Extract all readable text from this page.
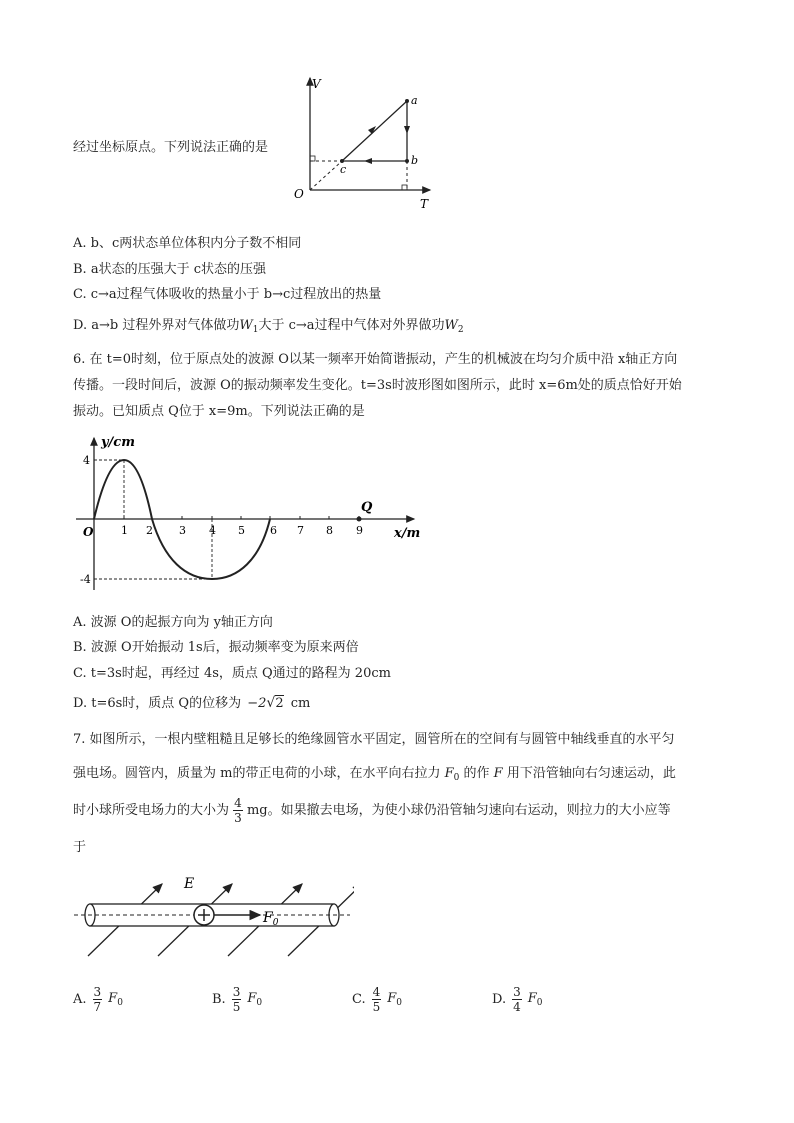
经过坐标原点。下列说法正确的是
V
T
O
a
b
c
A. b、c两状态单位体积内分子数不相同
B. a状态的压强大于 c状态的压强
C. c→a过程气体吸收的热量小于 b→c过程放出的热量
D. a→b 过程外界对气体做功$W_1$大于 c→a过程中气体对外界做功$W_2$
6. 在 t=0时刻，位于原点处的波源 O以某一频率开始简谐振动，产生的机械波在均匀介质中沿 x轴正方向
传播。一段时间后，波源 O的振动频率发生变化。t=3s时波形图如图所示，此时 x=6m处的质点恰好开始
振动。已知质点 Q位于 x=9m。下列说法正确的是
y/cm
x/m
O
4
-4
1 2 3 4 5 6 7 8 9
Q
A. 波源 O的起振方向为 y轴正方向
B. 波源 O开始振动 1s后，振动频率变为原来两倍
C. t=3s时起，再经过 4s，质点 Q通过的路程为 20cm
D. t=6s时，质点 Q的位移为 −2√2 cm
7. 如图所示，一根内壁粗糙且足够长的绝缘圆管水平固定，圆管所在的空间有与圆管中轴线垂直的水平匀
强电场。圆管内，质量为 m的带正电荷的小球，在水平向右拉力 $F_0$ 的作 F 用下沿管轴向右匀速运动，此
时小球所受电场力的大小为 $\frac{4}{3}$ mg。如果撤去电场，为使小球仍沿管轴匀速向右运动，则拉力的大小应等
于
$F_0$
E
A. $\frac{3}{7} F_0$	B. $\frac{3}{5} F_0$	C. $\frac{4}{5} F_0$	D. $\frac{3}{4} F_0$
